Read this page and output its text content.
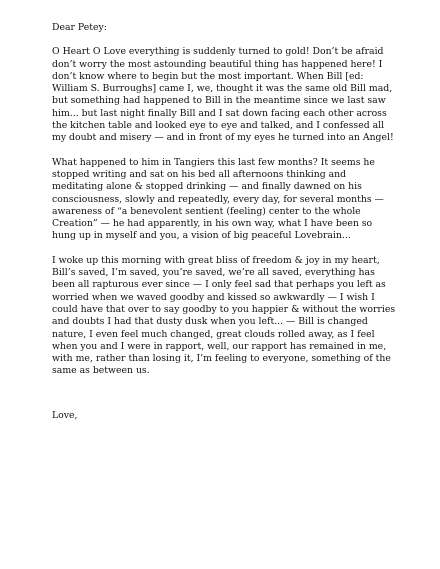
Dear Petey:

O Heart O Love everything is suddenly turned to gold! Don’t be afraid don’t worry the most astounding beautiful thing has happened here! I don’t know where to begin but the most important. When Bill [ed: William S. Burroughs] came I, we, thought it was the same old Bill mad, but something had happened to Bill in the meantime since we last saw him... but last night finally Bill and I sat down facing each other across the kitchen table and looked eye to eye and talked, and I confessed all my doubt and misery — and in front of my eyes he turned into an Angel!

What happened to him in Tangiers this last few months? It seems he stopped writing and sat on his bed all afternoons thinking and meditating alone & stopped drinking — and finally dawned on his consciousness, slowly and repeatedly, every day, for several months — awareness of “a benevolent sentient (feeling) center to the whole Creation” — he had apparently, in his own way, what I have been so hung up in myself and you, a vision of big peaceful Lovebrain...

I woke up this morning with great bliss of freedom & joy in my heart, Bill’s saved, I’m saved, you’re saved, we’re all saved, everything has been all rapturous ever since — I only feel sad that perhaps you left as worried when we waved goodby and kissed so awkwardly — I wish I could have that over to say goodby to you happier & without the worries and doubts I had that dusty dusk when you left... — Bill is changed nature, I even feel much changed, great clouds rolled away, as I feel when you and I were in rapport, well, our rapport has remained in me, with me, rather than losing it, I’m feeling to everyone, something of the same as between us.

Love,
